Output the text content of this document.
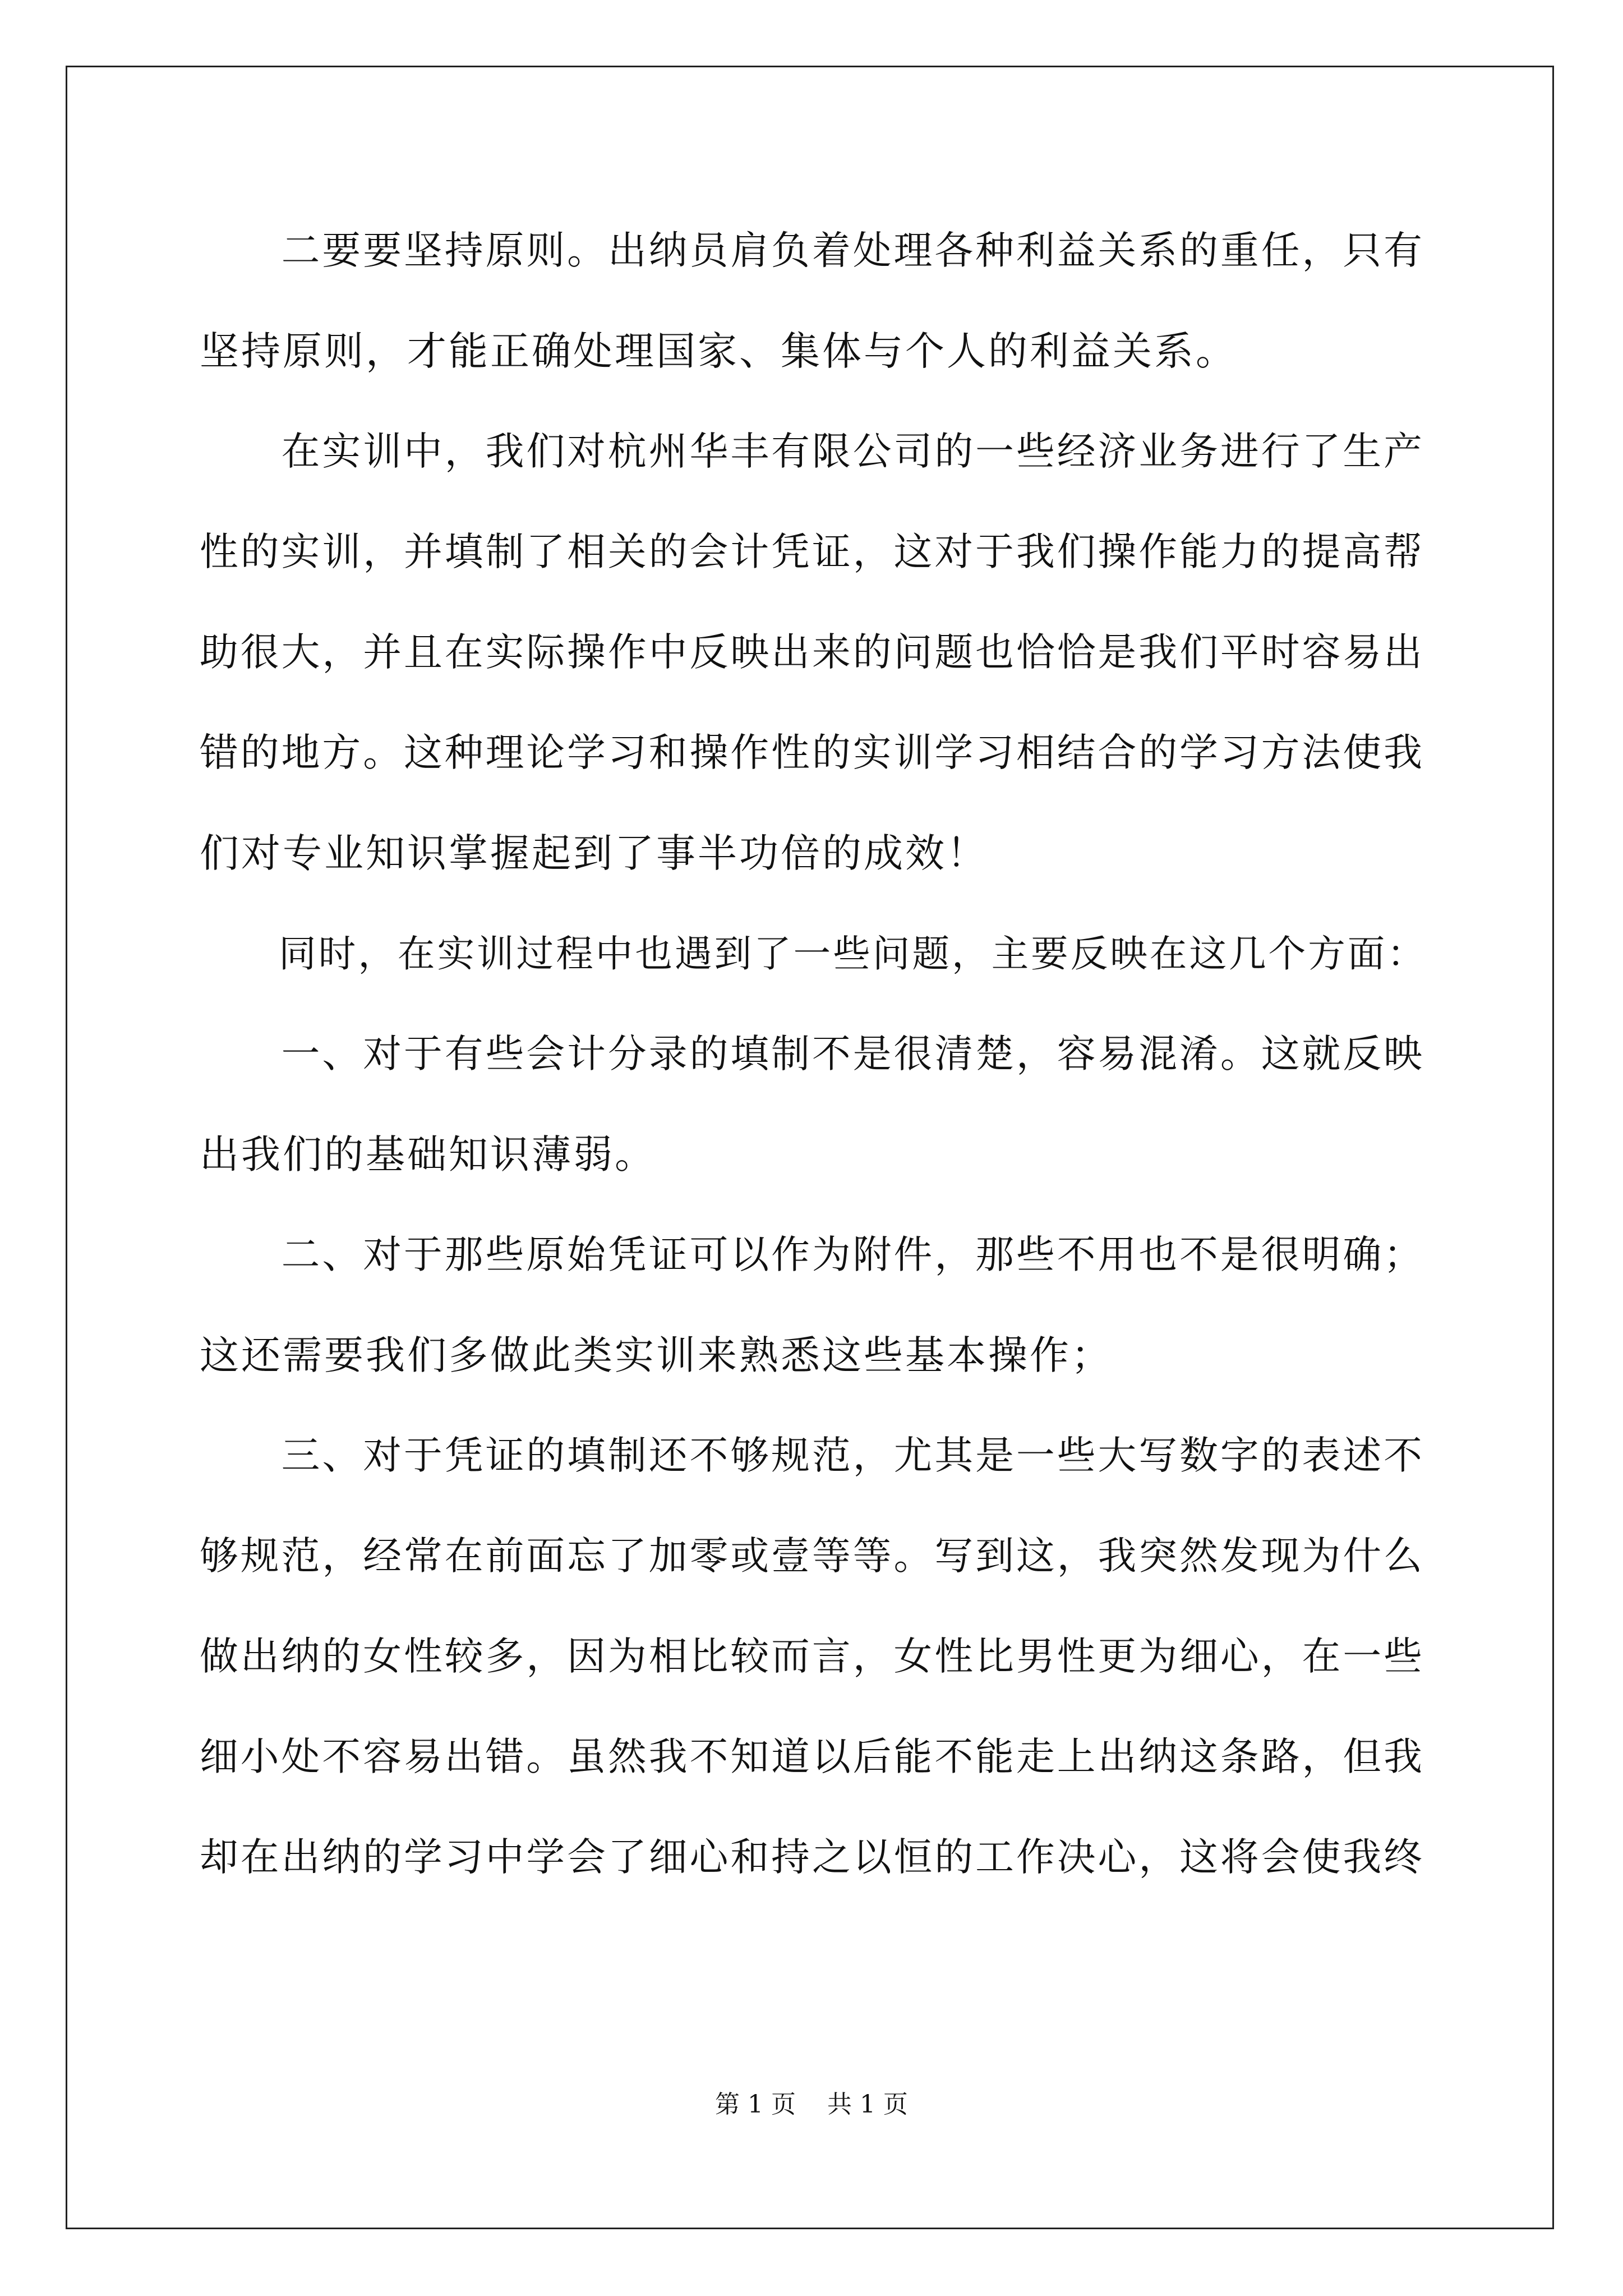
　　二要要坚持原则。出纳员肩负着处理各种利益关系的重任，只有

坚持原则，才能正确处理国家、集体与个人的利益关系。

　　在实训中，我们对杭州华丰有限公司的一些经济业务进行了生产

性的实训，并填制了相关的会计凭证，这对于我们操作能力的提高帮

助很大，并且在实际操作中反映出来的问题也恰恰是我们平时容易出

错的地方。这种理论学习和操作性的实训学习相结合的学习方法使我

们对专业知识掌握起到了事半功倍的成效！

　　同时，在实训过程中也遇到了一些问题，主要反映在这几个方面：

　　一、对于有些会计分录的填制不是很清楚，容易混淆。这就反映

出我们的基础知识薄弱。

　　二、对于那些原始凭证可以作为附件，那些不用也不是很明确；

这还需要我们多做此类实训来熟悉这些基本操作；

　　三、对于凭证的填制还不够规范，尤其是一些大写数字的表述不

够规范，经常在前面忘了加零或壹等等。写到这，我突然发现为什么

做出纳的女性较多，因为相比较而言，女性比男性更为细心，在一些

细小处不容易出错。虽然我不知道以后能不能走上出纳这条路，但我

却在出纳的学习中学会了细心和持之以恒的工作决心，这将会使我终

第 1 页    共 1 页
